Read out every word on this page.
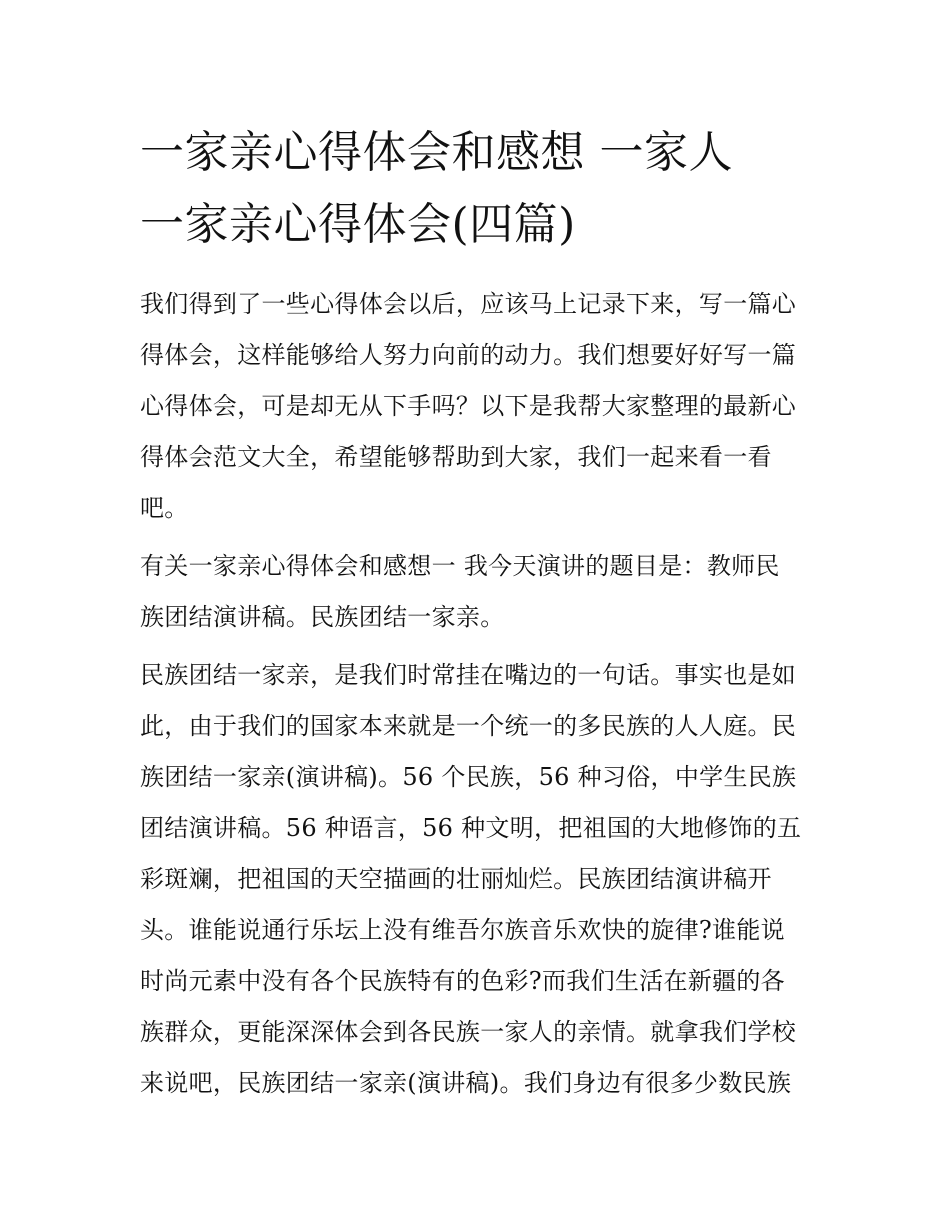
一家亲心得体会和感想 一家人
一家亲心得体会(四篇)
我们得到了一些心得体会以后，应该马上记录下来，写一篇心
得体会，这样能够给人努力向前的动力。我们想要好好写一篇
心得体会，可是却无从下手吗？以下是我帮大家整理的最新心
得体会范文大全，希望能够帮助到大家，我们一起来看一看
吧。
有关一家亲心得体会和感想一 我今天演讲的题目是：教师民
族团结演讲稿。民族团结一家亲。
民族团结一家亲，是我们时常挂在嘴边的一句话。事实也是如
此，由于我们的国家本来就是一个统一的多民族的人人庭。民
族团结一家亲(演讲稿)。56 个民族，56 种习俗，中学生民族
团结演讲稿。56 种语言，56 种文明，把祖国的大地修饰的五
彩斑斓，把祖国的天空描画的壮丽灿烂。民族团结演讲稿开
头。谁能说通行乐坛上没有维吾尔族音乐欢快的旋律?谁能说
时尚元素中没有各个民族特有的色彩?而我们生活在新疆的各
族群众，更能深深体会到各民族一家人的亲情。就拿我们学校
来说吧，民族团结一家亲(演讲稿)。我们身边有很多少数民族
